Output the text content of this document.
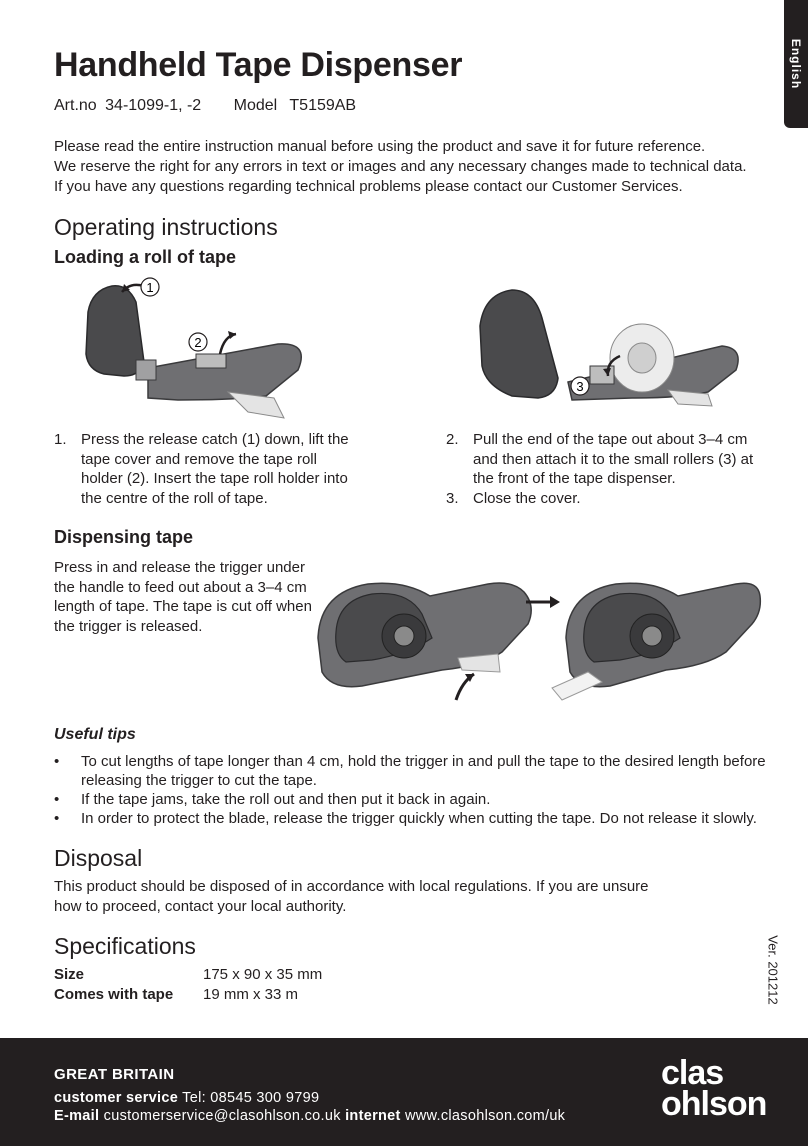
English
Handheld Tape Dispenser
Art.no 34-1099-1, -2 Model T5159AB
Please read the entire instruction manual before using the product and save it for future reference.
We reserve the right for any errors in text or images and any necessary changes made to technical data.
If you have any questions regarding technical problems please contact our Customer Services.
Operating instructions
Loading a roll of tape
1
2
3
1. Press the release catch (1) down, lift the tape cover and remove the tape roll holder (2). Insert the tape roll holder into the centre of the roll of tape.
2. Pull the end of the tape out about 3–4 cm and then attach it to the small rollers (3) at the front of the tape dispenser.
3. Close the cover.
Dispensing tape
Press in and release the trigger under the handle to feed out about a 3–4 cm length of tape. The tape is cut off when the trigger is released.
Useful tips
•	To cut lengths of tape longer than 4 cm, hold the trigger in and pull the tape to the desired length before releasing the trigger to cut the tape.
•	If the tape jams, take the roll out and then put it back in again.
•	In order to protect the blade, release the trigger quickly when cutting the tape. Do not release it slowly.
Disposal
This product should be disposed of in accordance with local regulations. If you are unsure how to proceed, contact your local authority.
Specifications
Size	175 x 90 x 35 mm
Comes with tape	19 mm x 33 m	Ver. 201212
GREAT BRITAIN
customer service Tel: 08545 300 9799
E-mail customerservice@clasohlson.co.uk internet www.clasohlson.com/uk
clas
ohlson
